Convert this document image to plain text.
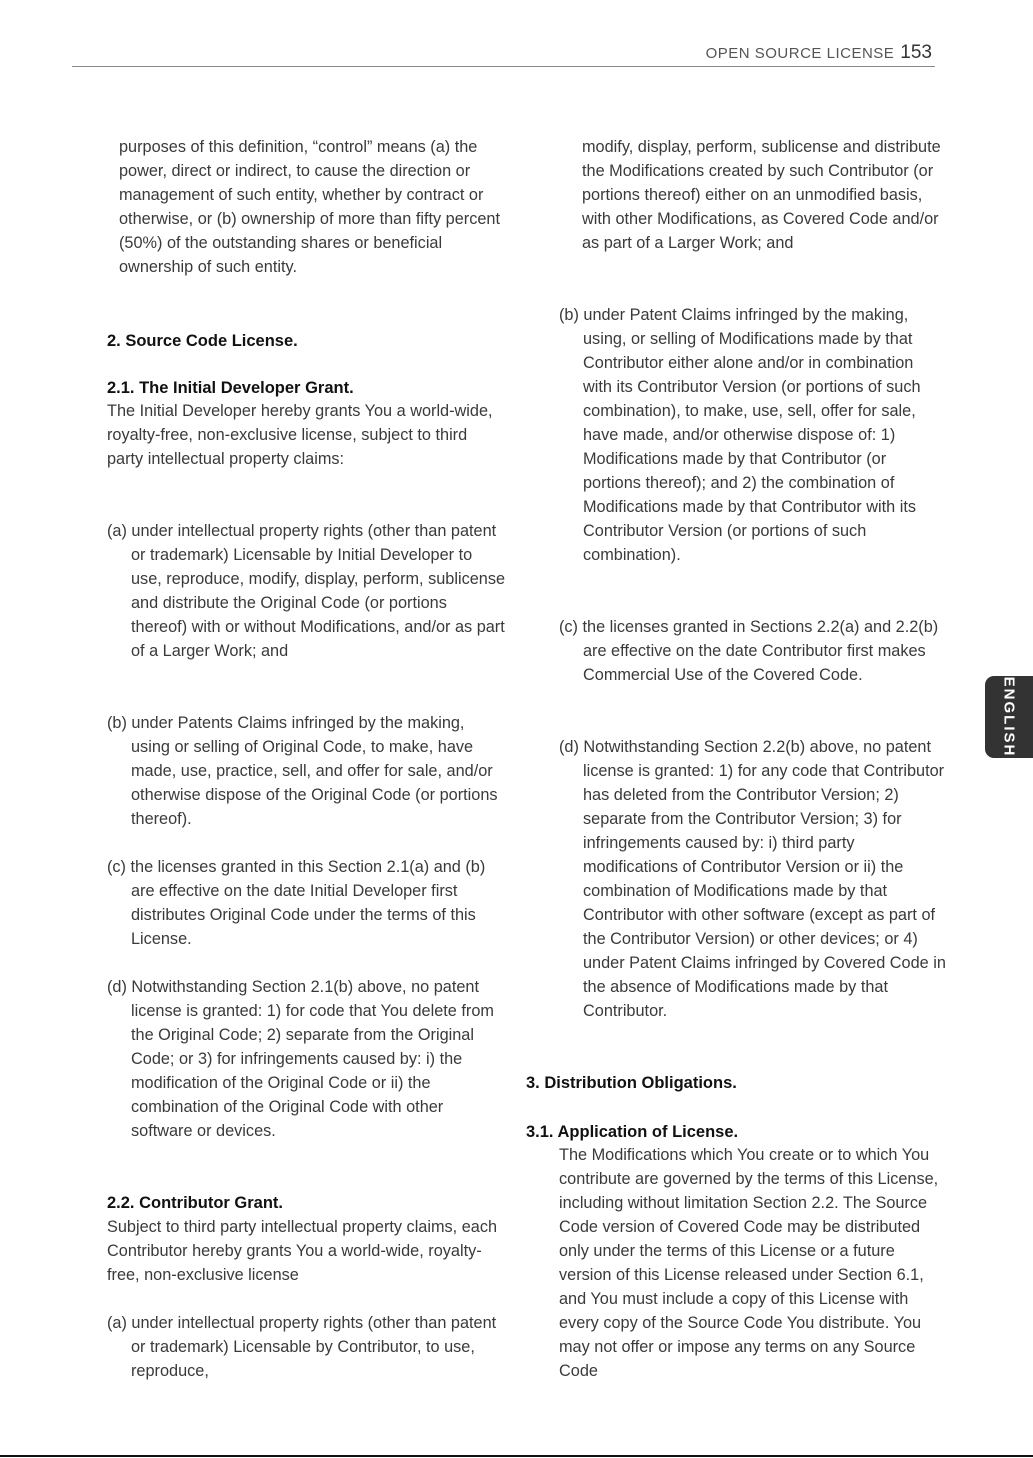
OPEN SOURCE LICENSE 153
purposes of this definition, “control” means (a) the power, direct or indirect, to cause the direction or management of such entity, whether by contract or otherwise, or (b) ownership of more than fifty percent (50%) of the outstanding shares or beneficial ownership of such entity.
2. Source Code License.
2.1. The Initial Developer Grant.
The Initial Developer hereby grants You a world-wide, royalty-free, non-exclusive license, subject to third party intellectual property claims:
(a) under intellectual property rights (other than patent or trademark) Licensable by Initial Developer to use, reproduce, modify, display, perform, sublicense and distribute the Original Code (or portions thereof) with or without Modifications, and/or as part of a Larger Work; and
(b) under Patents Claims infringed by the making, using or selling of Original Code, to make, have made, use, practice, sell, and offer for sale, and/or otherwise dispose of the Original Code (or portions thereof).
(c) the licenses granted in this Section 2.1(a) and (b) are effective on the date Initial Developer first distributes Original Code under the terms of this License.
(d) Notwithstanding Section 2.1(b) above, no patent license is granted: 1) for code that You delete from the Original Code; 2) separate from the Original Code; or 3) for infringements caused by: i) the modification of the Original Code or ii) the combination of the Original Code with other software or devices.
2.2. Contributor Grant.
Subject to third party intellectual property claims, each Contributor hereby grants You a world-wide, royalty-free, non-exclusive license
(a) under intellectual property rights (other than patent or trademark) Licensable by Contributor, to use, reproduce,
modify, display, perform, sublicense and distribute the Modifications created by such Contributor (or portions thereof) either on an unmodified basis, with other Modifications, as Covered Code and/or as part of a Larger Work; and
(b) under Patent Claims infringed by the making, using, or selling of Modifications made by that Contributor either alone and/or in combination with its Contributor Version (or portions of such combination), to make, use, sell, offer for sale, have made, and/or otherwise dispose of: 1) Modifications made by that Contributor (or portions thereof); and 2) the combination of Modifications made by that Contributor with its Contributor Version (or portions of such combination).
(c) the licenses granted in Sections 2.2(a) and 2.2(b) are effective on the date Contributor first makes Commercial Use of the Covered Code.
(d) Notwithstanding Section 2.2(b) above, no patent license is granted: 1) for any code that Contributor has deleted from the Contributor Version; 2) separate from the Contributor Version; 3) for infringements caused by: i) third party modifications of Contributor Version or ii) the combination of Modifications made by that Contributor with other software (except as part of the Contributor Version) or other devices; or 4) under Patent Claims infringed by Covered Code in the absence of Modifications made by that Contributor.
3. Distribution Obligations.
3.1. Application of License.
The Modifications which You create or to which You contribute are governed by the terms of this License, including without limitation Section 2.2. The Source Code version of Covered Code may be distributed only under the terms of this License or a future version of this License released under Section 6.1, and You must include a copy of this License with every copy of the Source Code You distribute. You may not offer or impose any terms on any Source Code
ENGLISH
